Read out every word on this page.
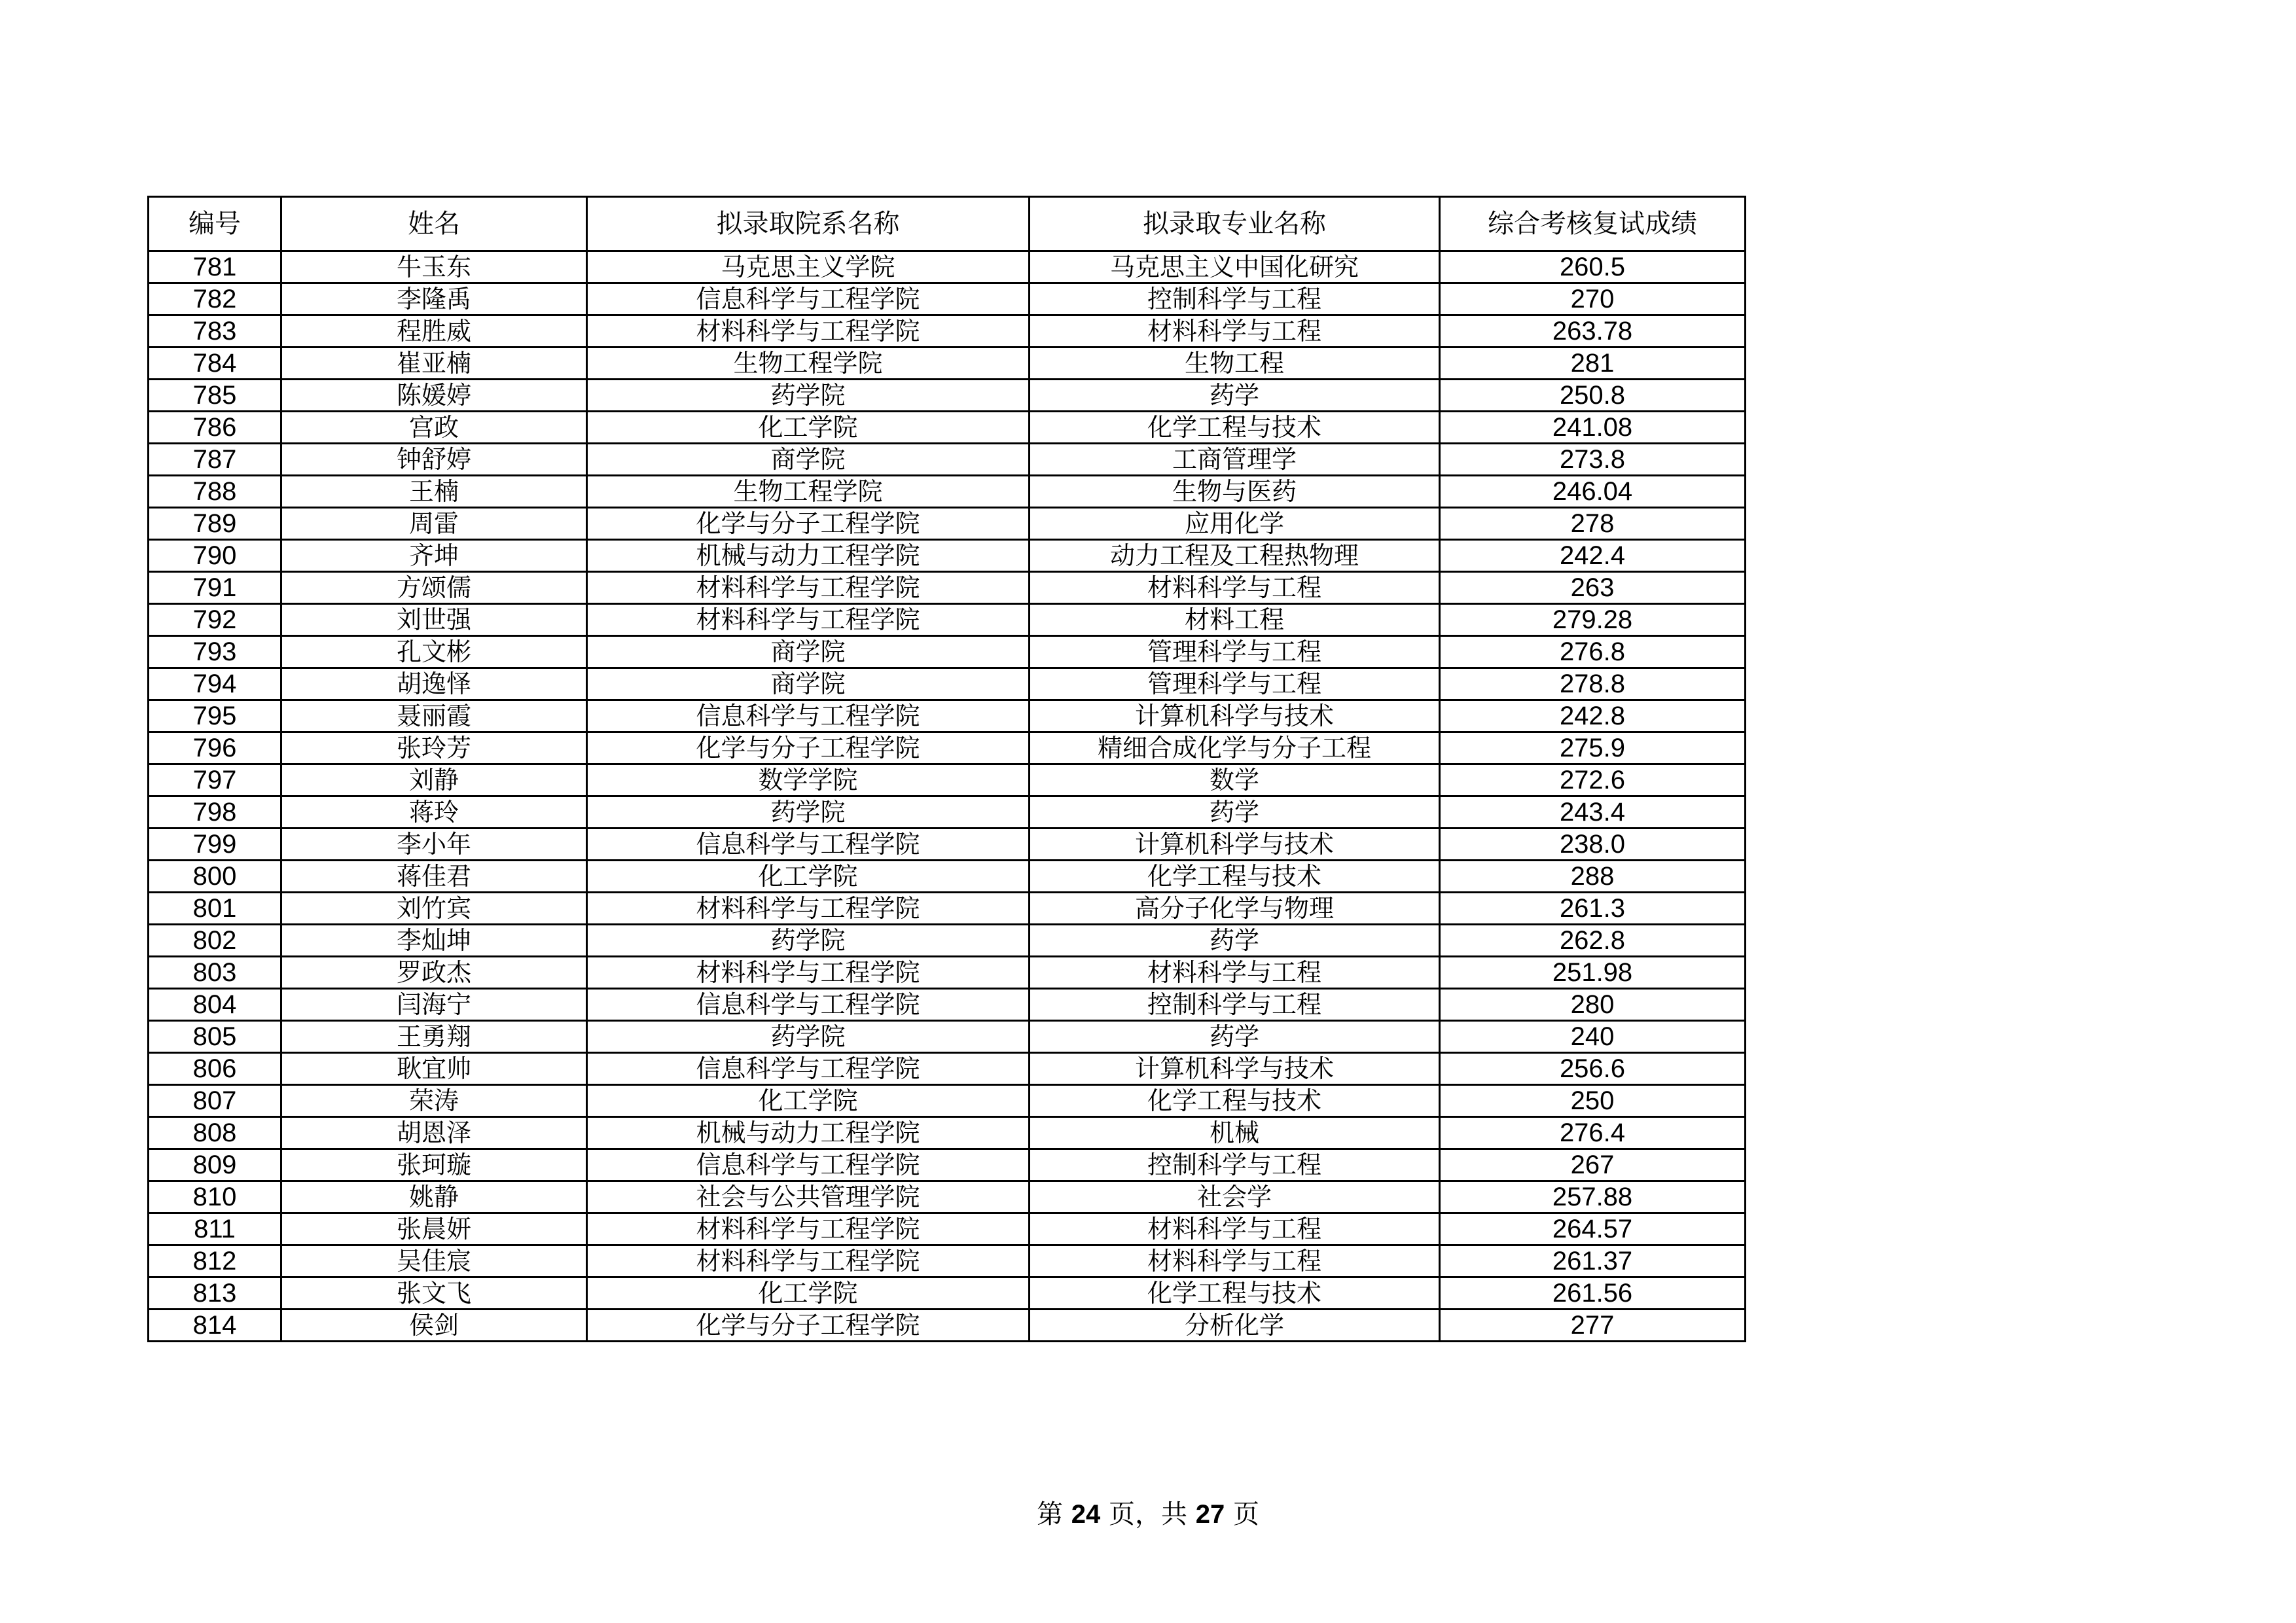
编号	姓名	拟录取院系名称	拟录取专业名称	综合考核复试成绩
781	牛玉东	马克思主义学院	马克思主义中国化研究	260.5
782	李隆禹	信息科学与工程学院	控制科学与工程	270
783	程胜威	材料科学与工程学院	材料科学与工程	263.78
784	崔亚楠	生物工程学院	生物工程	281
785	陈媛婷	药学院	药学	250.8
786	宫政	化工学院	化学工程与技术	241.08
787	钟舒婷	商学院	工商管理学	273.8
788	王楠	生物工程学院	生物与医药	246.04
789	周雷	化学与分子工程学院	应用化学	278
790	齐坤	机械与动力工程学院	动力工程及工程热物理	242.4
791	方颂儒	材料科学与工程学院	材料科学与工程	263
792	刘世强	材料科学与工程学院	材料工程	279.28
793	孔文彬	商学院	管理科学与工程	276.8
794	胡逸怿	商学院	管理科学与工程	278.8
795	聂丽霞	信息科学与工程学院	计算机科学与技术	242.8
796	张玲芳	化学与分子工程学院	精细合成化学与分子工程	275.9
797	刘静	数学学院	数学	272.6
798	蒋玲	药学院	药学	243.4
799	李小年	信息科学与工程学院	计算机科学与技术	238.0
800	蒋佳君	化工学院	化学工程与技术	288
801	刘竹宾	材料科学与工程学院	高分子化学与物理	261.3
802	李灿坤	药学院	药学	262.8
803	罗政杰	材料科学与工程学院	材料科学与工程	251.98
804	闫海宁	信息科学与工程学院	控制科学与工程	280
805	王勇翔	药学院	药学	240
806	耿宜帅	信息科学与工程学院	计算机科学与技术	256.6
807	荣涛	化工学院	化学工程与技术	250
808	胡恩泽	机械与动力工程学院	机械	276.4
809	张珂璇	信息科学与工程学院	控制科学与工程	267
810	姚静	社会与公共管理学院	社会学	257.88
811	张晨妍	材料科学与工程学院	材料科学与工程	264.57
812	吴佳宸	材料科学与工程学院	材料科学与工程	261.37
813	张文飞	化工学院	化学工程与技术	261.56
814	侯剑	化学与分子工程学院	分析化学	277
第 24 页，共 27 页
